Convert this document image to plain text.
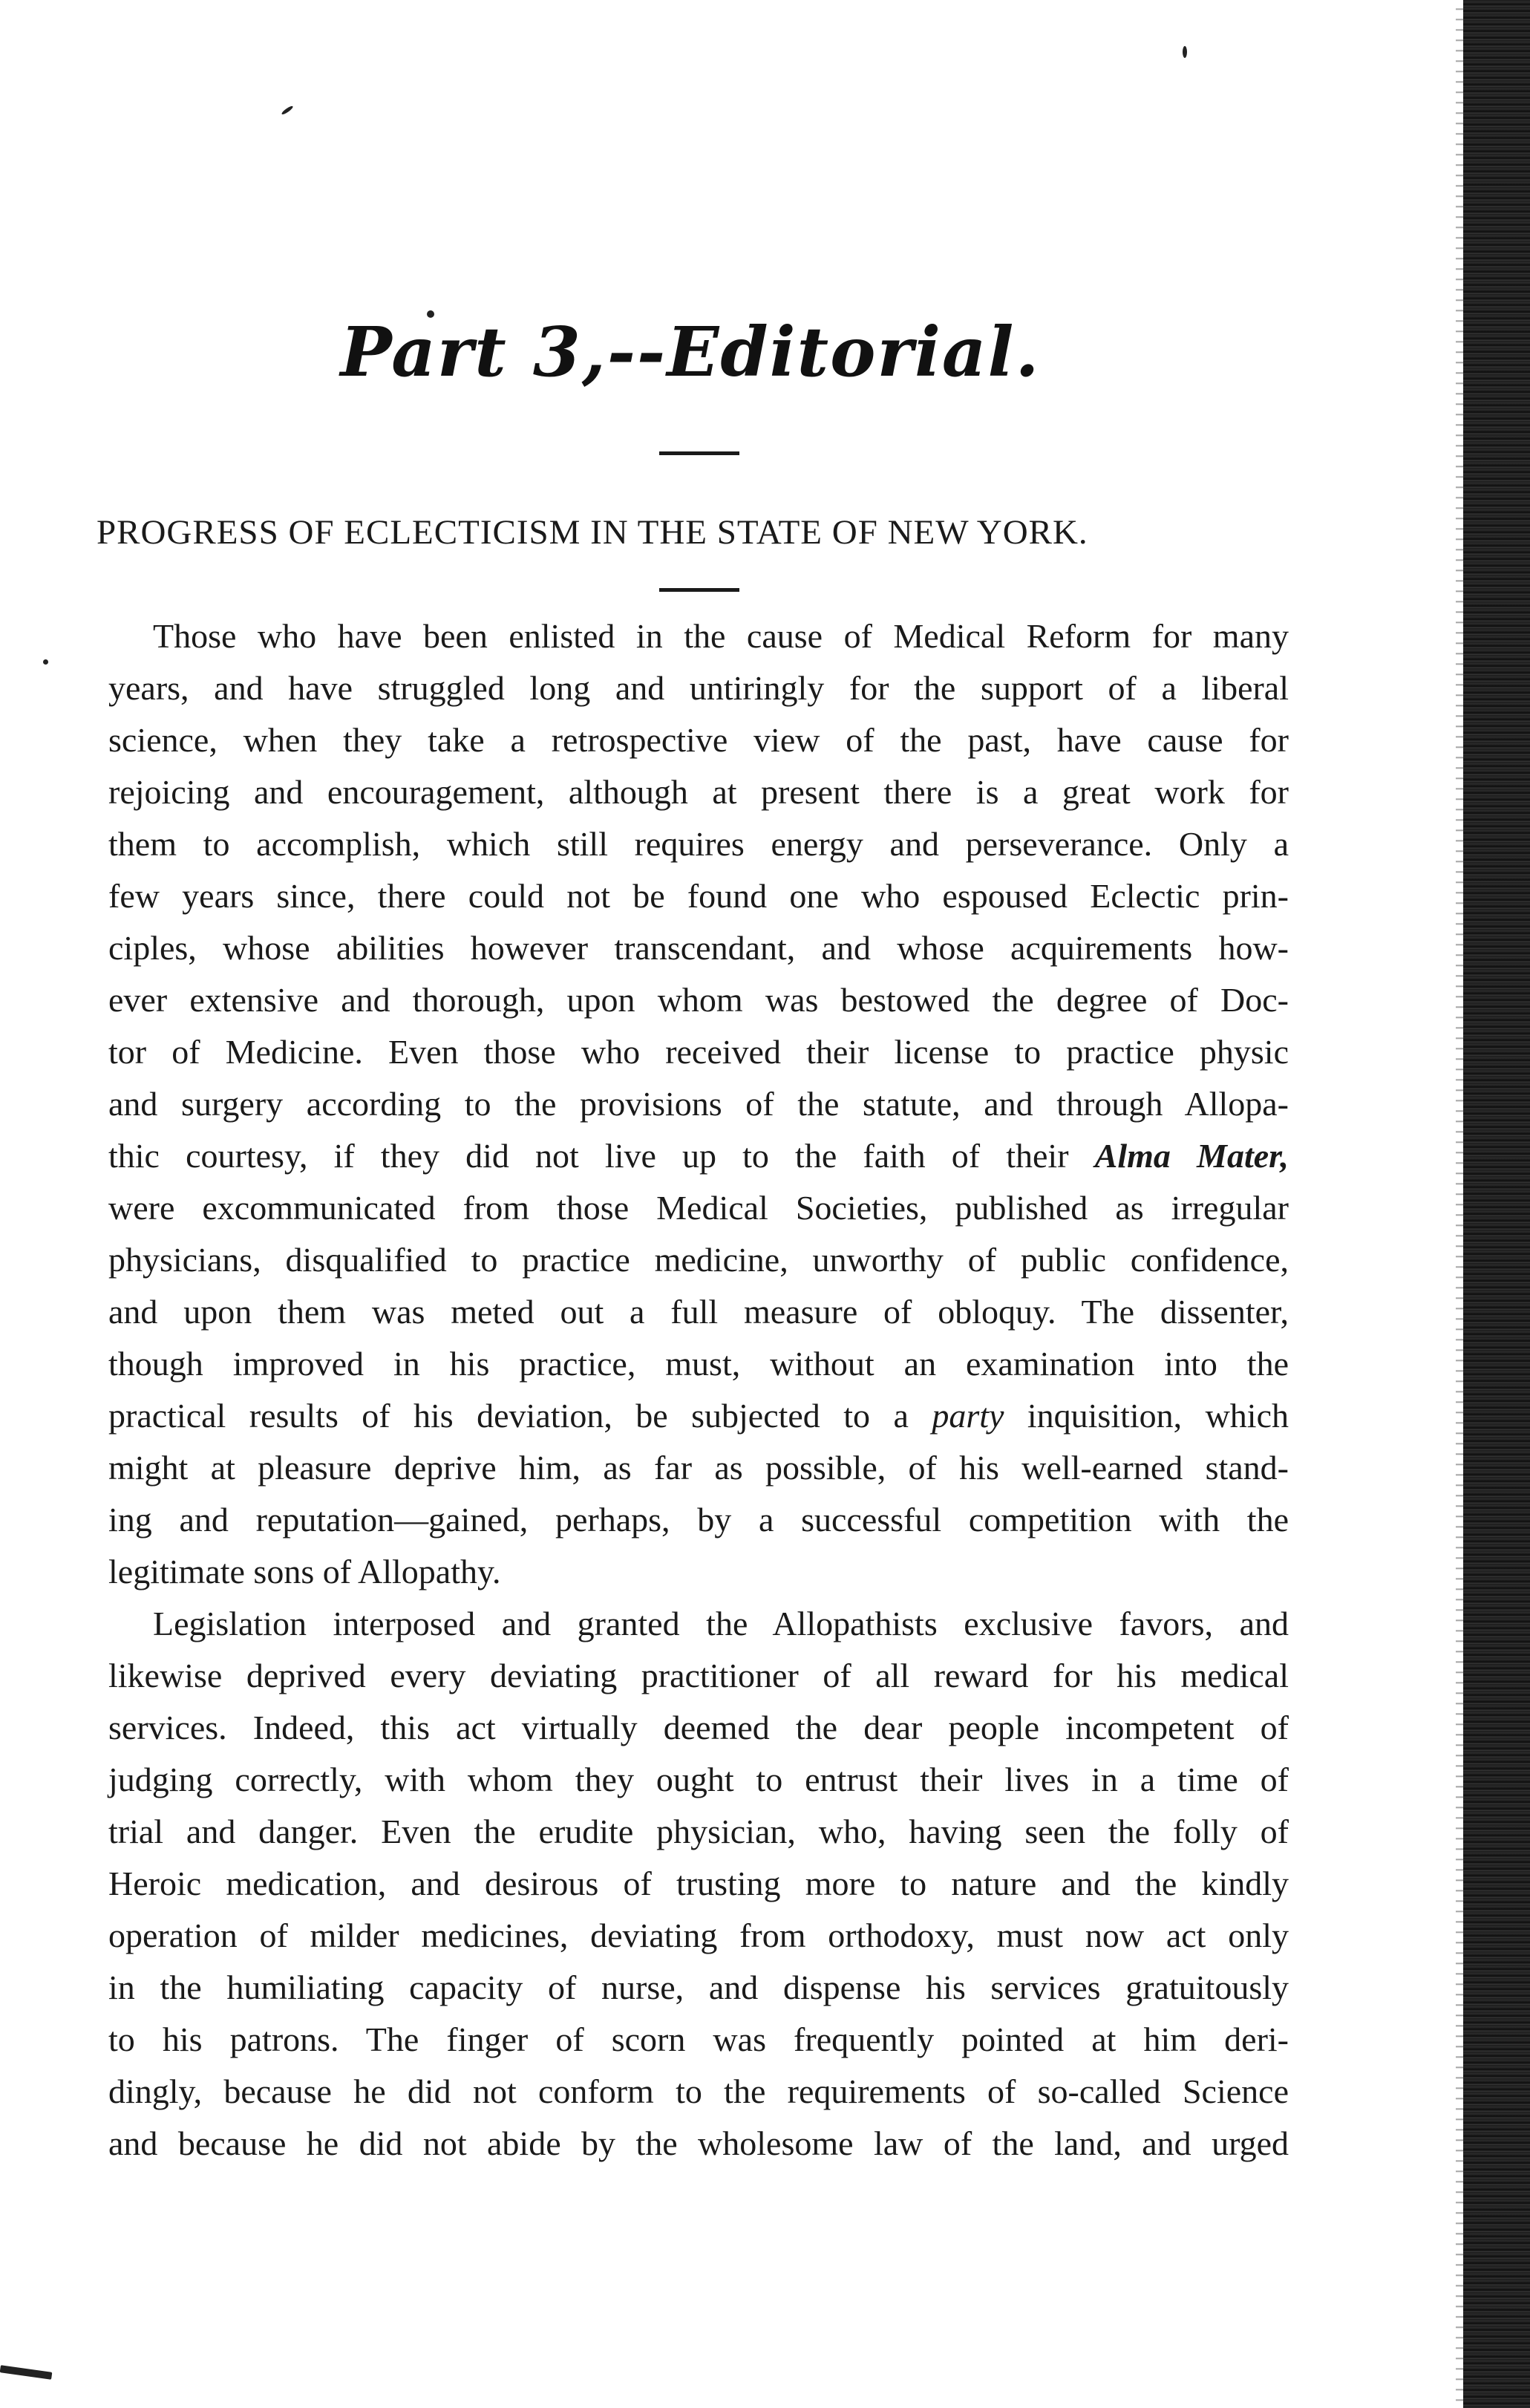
Part 3,--Editorial.
PROGRESS OF ECLECTICISM IN THE STATE OF NEW YORK.
Those who have been enlisted in the cause of Medical Reform for many
years, and have struggled long and untiringly for the support of a liberal
science, when they take a retrospective view of the past, have cause for
rejoicing and encouragement, although at present there is a great work for
them to accomplish, which still requires energy and perseverance. Only a
few years since, there could not be found one who espoused Eclectic prin-
ciples, whose abilities however transcendant, and whose acquirements how-
ever extensive and thorough, upon whom was bestowed the degree of Doc-
tor of Medicine. Even those who received their license to practice physic
and surgery according to the provisions of the statute, and through Allopa-
thic courtesy, if they did not live up to the faith of their Alma Mater,
were excommunicated from those Medical Societies, published as irregular
physicians, disqualified to practice medicine, unworthy of public confidence,
and upon them was meted out a full measure of obloquy. The dissenter,
though improved in his practice, must, without an examination into the
practical results of his deviation, be subjected to a party inquisition, which
might at pleasure deprive him, as far as possible, of his well-earned stand-
ing and reputation—gained, perhaps, by a successful competition with the
legitimate sons of Allopathy.
Legislation interposed and granted the Allopathists exclusive favors, and
likewise deprived every deviating practitioner of all reward for his medical
services. Indeed, this act virtually deemed the dear people incompetent of
judging correctly, with whom they ought to entrust their lives in a time of
trial and danger. Even the erudite physician, who, having seen the folly of
Heroic medication, and desirous of trusting more to nature and the kindly
operation of milder medicines, deviating from orthodoxy, must now act only
in the humiliating capacity of nurse, and dispense his services gratuitously
to his patrons. The finger of scorn was frequently pointed at him deri-
dingly, because he did not conform to the requirements of so-called Science
and because he did not abide by the wholesome law of the land, and urged
